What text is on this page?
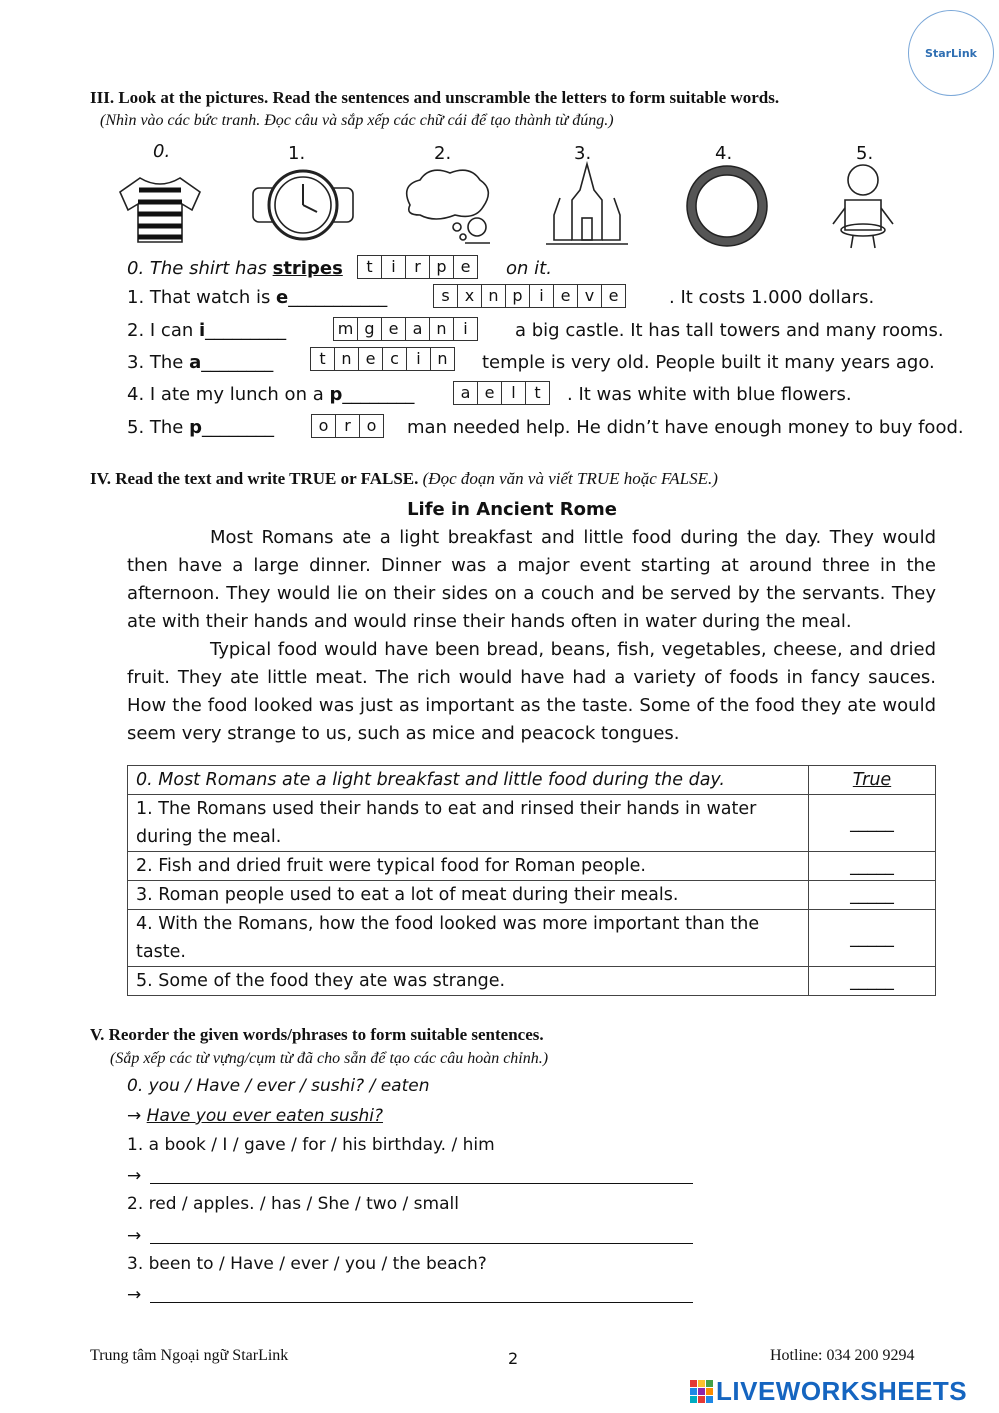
StarLink
III. Look at the pictures. Read the sentences and unscramble the letters to form suitable words.
(Nhìn vào các bức tranh. Đọc câu và sắp xếp các chữ cái để tạo thành từ đúng.)
0.	1.	2.	3.	4.	5.
0. The shirt has stripes	t	i	r p e	on it.
1. That watch is e___________	s x n p	i	e v e	. It costs 1.000 dollars.
2. I can i_________	m g e a n	i	a big castle. It has tall towers and many rooms.
3. The a________	t n e c	i	n	temple is very old. People built it many years ago.
4. I ate my lunch on a p________	a e	l	t	. It was white with blue flowers.
5. The p________	o r o	man needed help. He didn’t have enough money to buy food.
IV. Read the text and write TRUE or FALSE. (Đọc đoạn văn và viết TRUE hoặc FALSE.)
Life in Ancient Rome
Most Romans ate a light breakfast and little food during the day. They would then have a large dinner. Dinner was a major event starting at around three in the afternoon. They would lie on their sides on a couch and be served by the servants. They ate with their hands and would rinse their hands often in water during the meal.
Typical food would have been bread, beans, fish, vegetables, cheese, and dried fruit. They ate little meat. The rich would have had a variety of foods in fancy sauces. How the food looked was just as important as the taste. Some of the food they ate would seem very strange to us, such as mice and peacock tongues.
0. Most Romans ate a light breakfast and little food during the day.	True
1. The Romans used their hands to eat and rinsed their hands in water during the meal.	_____
2. Fish and dried fruit were typical food for Roman people.	_____
3. Roman people used to eat a lot of meat during their meals.	_____
4. With the Romans, how the food looked was more important than the taste.	_____
5. Some of the food they ate was strange.	_____
V. Reorder the given words/phrases to form suitable sentences.
(Sắp xếp các từ vựng/cụm từ đã cho sẵn để tạo các câu hoàn chỉnh.)
0. you / Have / ever / sushi? / eaten
→ Have you ever eaten sushi?
1. a book / I / gave / for / his birthday. / him
→
2. red / apples. / has / She / two / small
→
3. been to / Have / ever / you / the beach?
→
Trung tâm Ngoại ngữ StarLink	2	Hotline: 034 200 9294
LIVEWORKSHEETS
